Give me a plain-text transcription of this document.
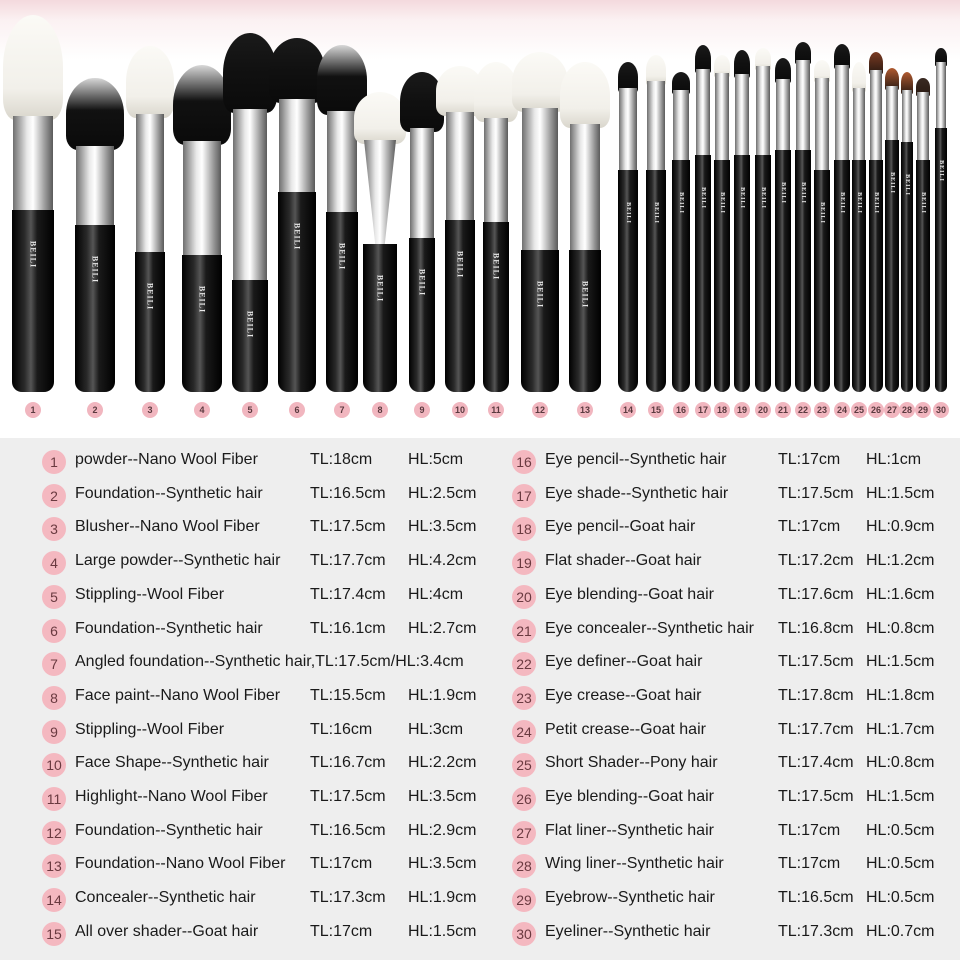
BEILI
1
BEILI
2
BEILI
3
BEILI
4
BEILI
5
BEILI
6
BEILI
7
BEILI
8
BEILI
9
BEILI
10
BEILI
11
BEILI
12
BEILI
13
BEILI
14
BEILI
15
BEILI
16
BEILI
17
BEILI
18
BEILI
19
BEILI
20
BEILI
21
BEILI
22
BEILI
23
BEILI
24
BEILI
25
BEILI
26
BEILI
27
BEILI
28
BEILI
29
BEILI
30
1	powder--Nano Wool Fiber	TL:18cm HL:5cm
2	Foundation--Synthetic hair	TL:16.5cm HL:2.5cm
3	Blusher--Nano Wool Fiber	TL:17.5cm HL:3.5cm
4	Large powder--Synthetic hair TL:17.7cm HL:4.2cm
5	Stippling--Wool Fiber	TL:17.4cm HL:4cm
6	Foundation--Synthetic hair	TL:16.1cm HL:2.7cm
7	Angled foundation--Synthetic hair,TL:17.5cm/HL:3.4cm
8	Face paint--Nano Wool Fiber TL:15.5cm HL:1.9cm
9	Stippling--Wool Fiber	TL:16cm HL:3cm
10 Face Shape--Synthetic hair	TL:16.7cm HL:2.2cm
11 Highlight--Nano Wool Fiber	TL:17.5cm HL:3.5cm
12 Foundation--Synthetic hair	TL:16.5cm HL:2.9cm
13 Foundation--Nano Wool Fiber TL:17cm HL:3.5cm
14 Concealer--Synthetic hair	TL:17.3cm HL:1.9cm
15 All over shader--Goat hair	TL:17cm HL:1.5cm
16 Eye pencil--Synthetic hair	TL:17cm HL:1cm
17 Eye shade--Synthetic hair	TL:17.5cm HL:1.5cm
18 Eye pencil--Goat hair	TL:17cm HL:0.9cm
19 Flat shader--Goat hair	TL:17.2cm HL:1.2cm
20 Eye blending--Goat hair	TL:17.6cm HL:1.6cm
21 Eye concealer--Synthetic hair TL:16.8cm HL:0.8cm
22 Eye definer--Goat hair	TL:17.5cm HL:1.5cm
23 Eye crease--Goat hair	TL:17.8cm HL:1.8cm
24 Petit crease--Goat hair	TL:17.7cm HL:1.7cm
25 Short Shader--Pony hair	TL:17.4cm HL:0.8cm
26 Eye blending--Goat hair	TL:17.5cm HL:1.5cm
27 Flat liner--Synthetic hair	TL:17cm HL:0.5cm
28 Wing liner--Synthetic hair	TL:17cm HL:0.5cm
29 Eyebrow--Synthetic hair	TL:16.5cm HL:0.5cm
30 Eyeliner--Synthetic hair	TL:17.3cm HL:0.7cm
